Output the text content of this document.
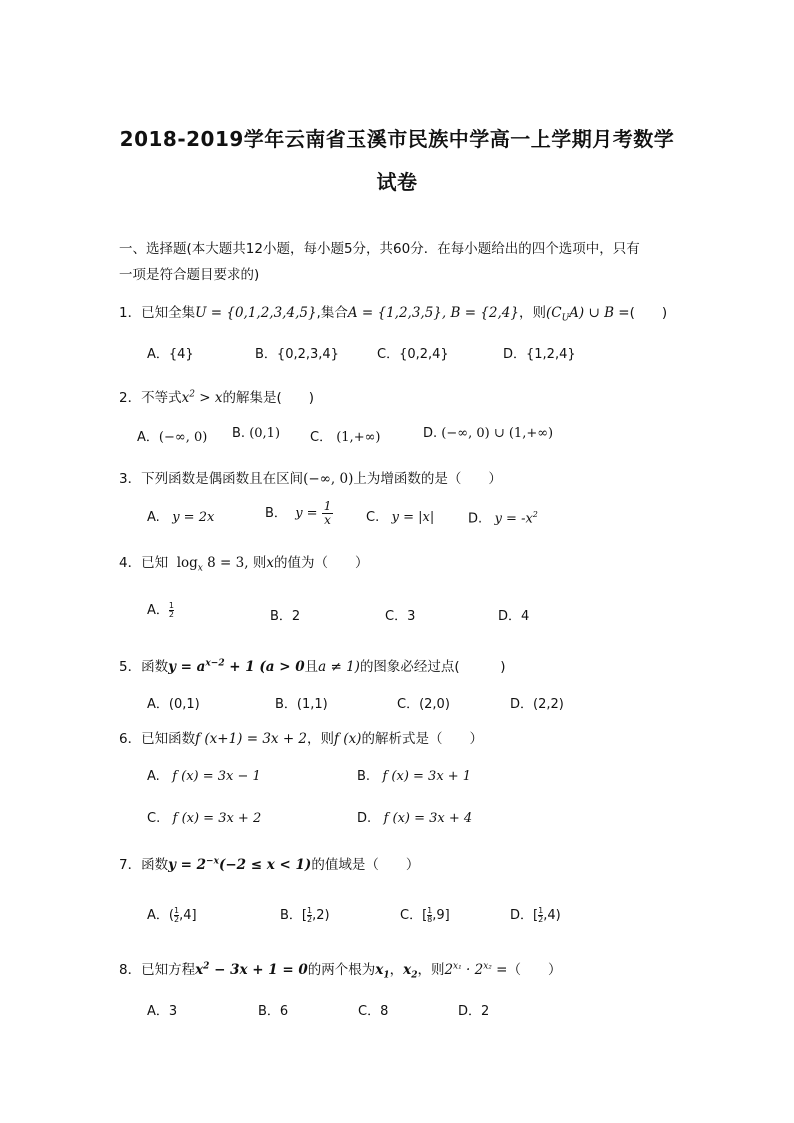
2018-2019学年云南省玉溪市民族中学高一上学期月考数学
试卷
一、选择题(本大题共12小题，每小题5分，共60分．在每小题给出的四个选项中，只有
一项是符合题目要求的)
1．已知全集U = {0,1,2,3,4,5},集合A = {1,2,3,5}, B = {2,4}，则$(C_UA)$ ∪ B =(　　)
A．{4}	B．{0,2,3,4}	C．{0,2,4}	D．{1,2,4}
2．不等式$x^2 > x$的解集是(　　)
A．(−∞, 0) B. (0,1) C． (1,+∞)	D. (−∞, 0) ∪ (1,+∞)
3．下列函数是偶函数且在区间(−∞, 0)上为增函数的是（　　）
A. y = 2x	B． $y = \frac{1}{x}$	C. y = |x|	D. $y = -x^2$
4．已知 $\log_x 8 = 3$, 则x的值为（　　）
A． $\frac{1}{2}$	B．2	C．3	D．4
5．函数$y = a^{x-2} + 1$ (a > 0且a ≠ 1)的图象必经过点(　　　)
A．(0,1)	B．(1,1)	C．(2,0)	D．(2,2)
6．已知函数f (x+1) = 3x + 2，则f (x)的解析式是（　　）
A. f (x) = 3x − 1	B. f (x) = 3x + 1
C. f (x) = 3x + 2	D. f (x) = 3x + 4
7．函数$y = 2^{-x}(-2 \le x < 1)$的值域是（　　）
A．( $\frac{1}{2} ,4$]	B．[ $\frac{1}{2} ,2$)	C．[ $\frac{1}{8} ,9$]	D．[ $\frac{1}{2} ,4$)
8．已知方程$x^2 - 3x + 1 = 0$的两个根为$x_1$，$x_2$，则$2^{x_1} \cdot 2^{x_2}$ =（　　）
A．3	B．6	C．8	D．2
